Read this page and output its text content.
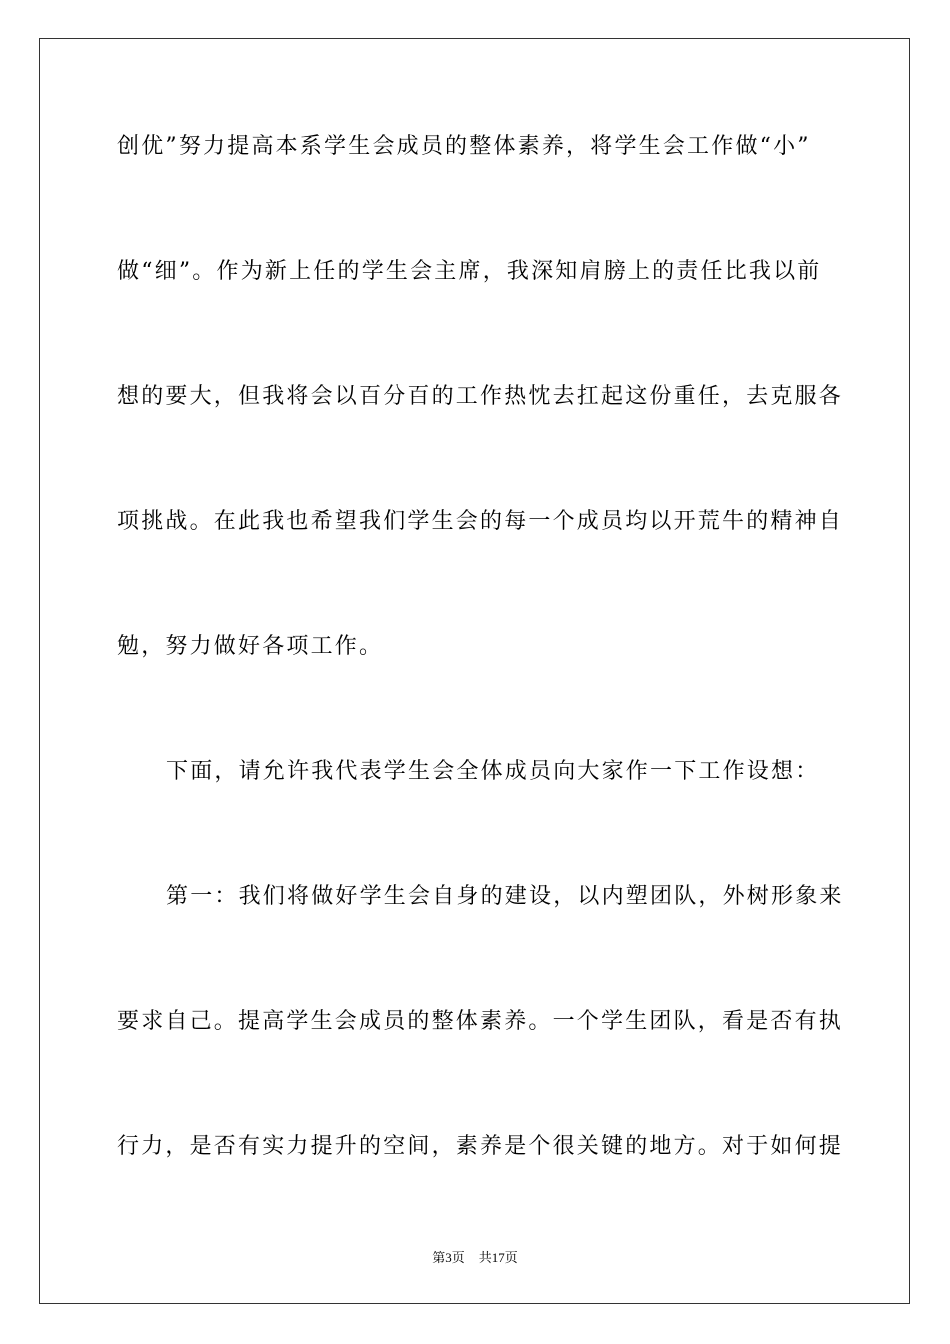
创优”努力提高本系学生会成员的整体素养，将学生会工作做“小”
做“细”。作为新上任的学生会主席，我深知肩膀上的责任比我以前
想的要大，但我将会以百分百的工作热忱去扛起这份重任，去克服各
项挑战。在此我也希望我们学生会的每一个成员均以开荒牛的精神自
勉，努力做好各项工作。
下面，请允许我代表学生会全体成员向大家作一下工作设想：
第一：我们将做好学生会自身的建设，以内塑团队，外树形象来
要求自己。提高学生会成员的整体素养。一个学生团队，看是否有执
行力，是否有实力提升的空间，素养是个很关键的地方。对于如何提
第3页 共17页
